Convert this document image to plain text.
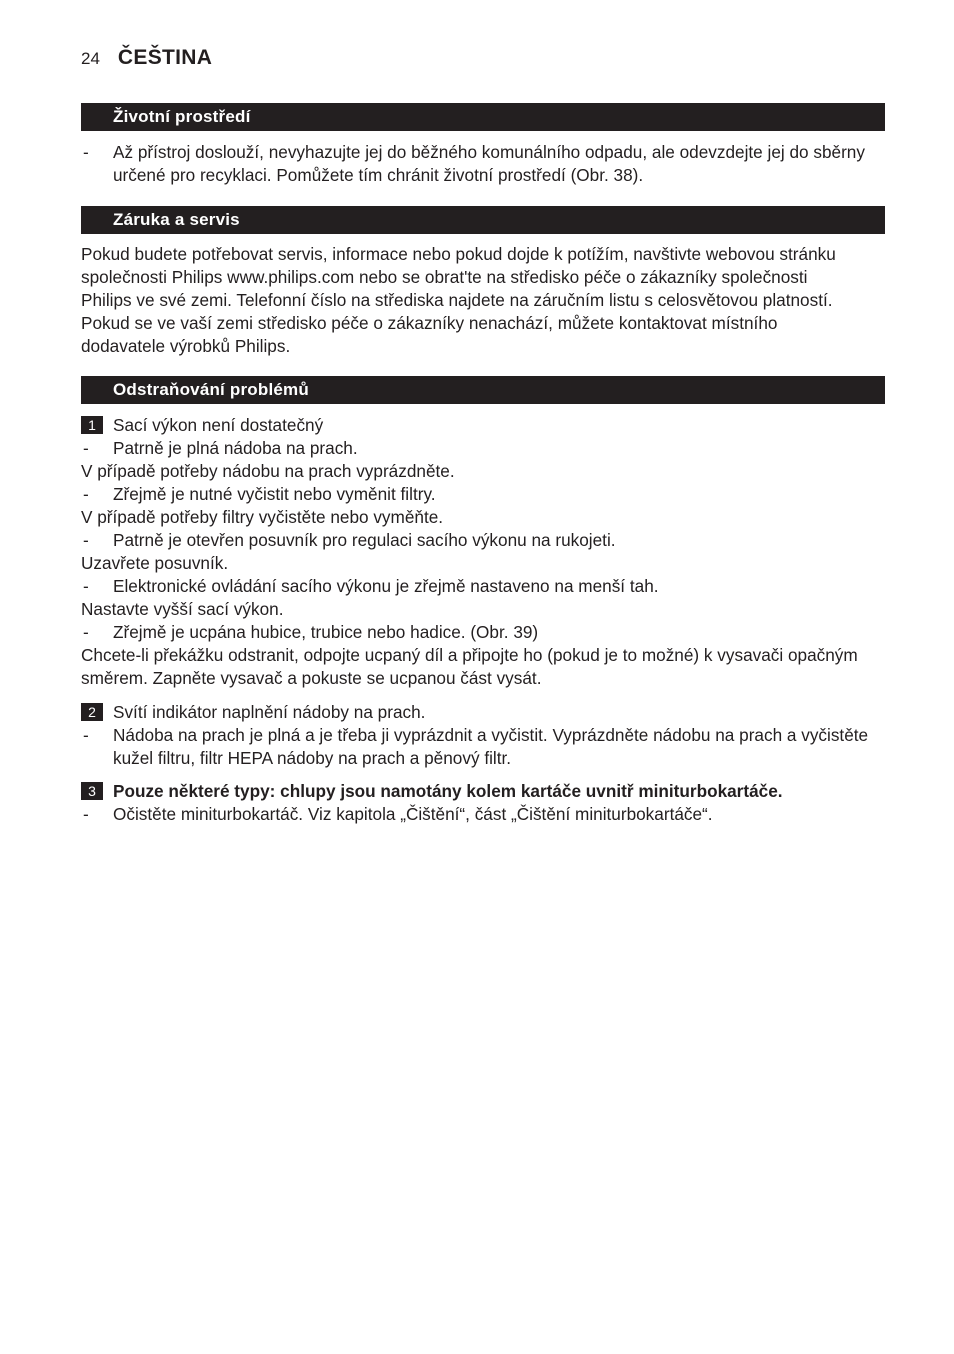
24 ČEŠTINA
Životní prostředí
- Až přístroj doslouží, nevyhazujte jej do běžného komunálního odpadu, ale odevzdejte jej do sběrny určené pro recyklaci. Pomůžete tím chránit životní prostředí (Obr. 38).
Záruka a servis
Pokud budete potřebovat servis, informace nebo pokud dojde k potížím, navštivte webovou stránku
společnosti Philips www.philips.com nebo se obrat'te na středisko péče o zákazníky společnosti
Philips ve své zemi. Telefonní číslo na střediska najdete na záručním listu s celosvětovou platností.
Pokud se ve vaší zemi středisko péče o zákazníky nenachází, můžete kontaktovat místního
dodavatele výrobků Philips.
Odstraňování problémů
1 Sací výkon není dostatečný
- Patrně je plná nádoba na prach.
V případě potřeby nádobu na prach vyprázdněte.
- Zřejmě je nutné vyčistit nebo vyměnit filtry.
V případě potřeby filtry vyčistěte nebo vyměňte.
- Patrně je otevřen posuvník pro regulaci sacího výkonu na rukojeti.
Uzavřete posuvník.
- Elektronické ovládání sacího výkonu je zřejmě nastaveno na menší tah.
Nastavte vyšší sací výkon.
- Zřejmě je ucpána hubice, trubice nebo hadice. (Obr. 39)
Chcete-li překážku odstranit, odpojte ucpaný díl a připojte ho (pokud je to možné) k vysavači opačným směrem. Zapněte vysavač a pokuste se ucpanou část vysát.
2 Svítí indikátor naplnění nádoby na prach.
- Nádoba na prach je plná a je třeba ji vyprázdnit a vyčistit. Vyprázdněte nádobu na prach a vyčistěte kužel filtru, filtr HEPA nádoby na prach a pěnový filtr.
3 Pouze některé typy: chlupy jsou namotány kolem kartáče uvnitř miniturbokartáče.
- Očistěte miniturbokartáč. Viz kapitola „Čištění“, část „Čištění miniturbokartáče“.
